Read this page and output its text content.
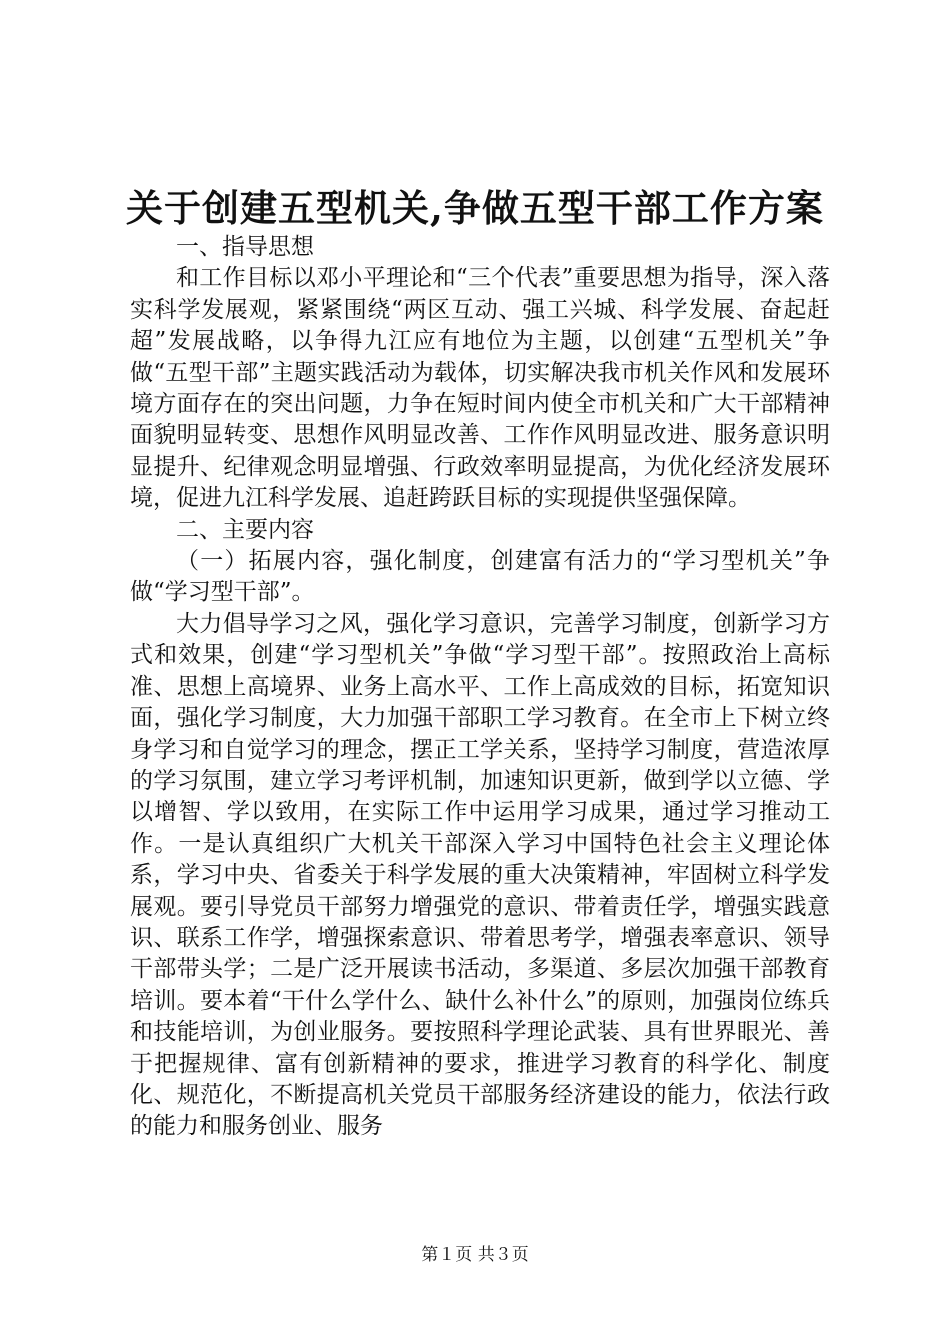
关于创建五型机关,争做五型干部工作方案

一、指导思想

和工作目标以邓小平理论和“三个代表”重要思想为指导，深入落实科学发展观，紧紧围绕“两区互动、强工兴城、科学发展、奋起赶超”发展战略，以争得九江应有地位为主题，以创建“五型机关”争做“五型干部”主题实践活动为载体，切实解决我市机关作风和发展环境方面存在的突出问题，力争在短时间内使全市机关和广大干部精神面貌明显转变、思想作风明显改善、工作作风明显改进、服务意识明显提升、纪律观念明显增强、行政效率明显提高，为优化经济发展环境，促进九江科学发展、追赶跨跃目标的实现提供坚强保障。

二、主要内容

（一）拓展内容，强化制度，创建富有活力的“学习型机关”争做“学习型干部”。

大力倡导学习之风，强化学习意识，完善学习制度，创新学习方式和效果，创建“学习型机关”争做“学习型干部”。按照政治上高标准、思想上高境界、业务上高水平、工作上高成效的目标，拓宽知识面，强化学习制度，大力加强干部职工学习教育。在全市上下树立终身学习和自觉学习的理念，摆正工学关系，坚持学习制度，营造浓厚的学习氛围，建立学习考评机制，加速知识更新，做到学以立德、学以增智、学以致用，在实际工作中运用学习成果，通过学习推动工作。一是认真组织广大机关干部深入学习中国特色社会主义理论体系，学习中央、省委关于科学发展的重大决策精神，牢固树立科学发展观。要引导党员干部努力增强党的意识、带着责任学，增强实践意识、联系工作学，增强探索意识、带着思考学，增强表率意识、领导干部带头学；二是广泛开展读书活动，多渠道、多层次加强干部教育培训。要本着“干什么学什么、缺什么补什么”的原则，加强岗位练兵和技能培训，为创业服务。要按照科学理论武装、具有世界眼光、善于把握规律、富有创新精神的要求，推进学习教育的科学化、制度化、规范化，不断提高机关党员干部服务经济建设的能力，依法行政的能力和服务创业、服务

第１页 共３页
